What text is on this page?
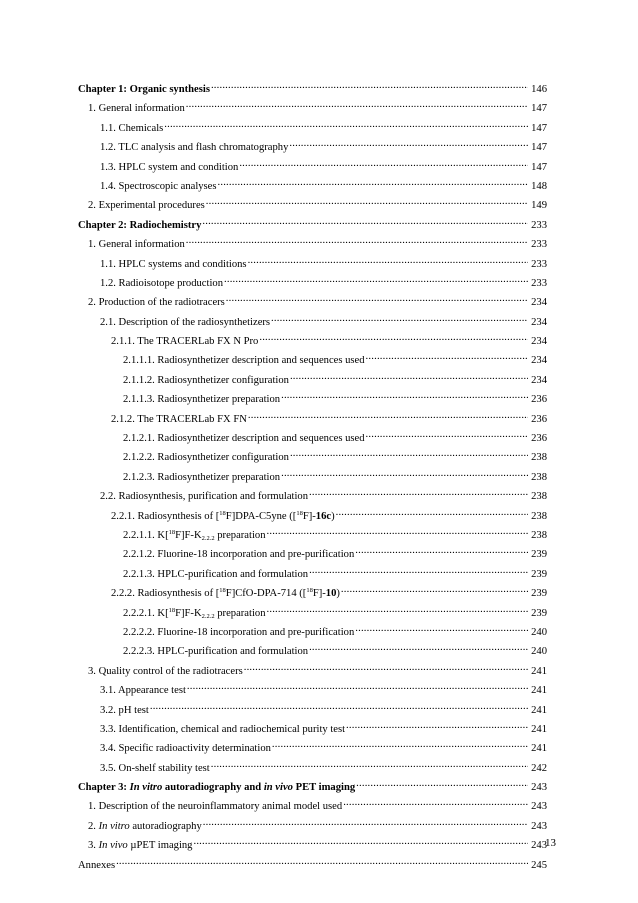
Chapter 1: Organic synthesis .....	146
1. General information .....	147
1.1. Chemicals .....	147
1.2. TLC analysis and flash chromatography .....	147
1.3. HPLC system and condition .....	147
1.4. Spectroscopic analyses .....	148
2. Experimental procedures .....	149
Chapter 2: Radiochemistry .....	233
1. General information .....	233
1.1. HPLC systems and conditions .....	233
1.2. Radioisotope production .....	233
2. Production of the radiotracers .....	234
2.1. Description of the radiosynthetizers .....	234
2.1.1. The TRACERLab FX N Pro .....	234
2.1.1.1. Radiosynthetizer description and sequences used .....	234
2.1.1.2. Radiosynthetizer configuration .....	234
2.1.1.3. Radiosynthetizer preparation .....	236
2.1.2. The TRACERLab FX FN .....	236
2.1.2.1. Radiosynthetizer description and sequences used .....	236
2.1.2.2. Radiosynthetizer configuration .....	238
2.1.2.3. Radiosynthetizer preparation .....	238
2.2. Radiosynthesis, purification and formulation .....	238
2.2.1. Radiosynthesis of [$^{18}$F]DPA-C5yne ([$^{18}$F]-16c) .....	238
2.2.1.1. $K[^{18}F]F-K_{2.2.2}$ preparation .....	238
2.2.1.2. Fluorine-18 incorporation and pre-purification .....	239
2.2.1.3. HPLC-purification and formulation .....	239
2.2.2. Radiosynthesis of [$^{18}$F]CfO-DPA-714 ([$^{18}$F]-10) .....	239
2.2.2.1. $K[^{18}F]F-K_{2.2.2}$ preparation .....	239
2.2.2.2. Fluorine-18 incorporation and pre-purification .....	240
2.2.2.3. HPLC-purification and formulation .....	240
3. Quality control of the radiotracers .....	241
3.1. Appearance test .....	241
3.2. pH test .....	241
3.3. Identification, chemical and radiochemical purity test .....	241
3.4. Specific radioactivity determination .....	241
3.5. On-shelf stability test .....	242
Chapter 3: In vitro autoradiography and in vivo PET imaging .....	243
1. Description of the neuroinflammatory animal model used .....	243
2. In vitro autoradiography .....	243
3. In vivo µPET imaging .....	243
Annexes .....	245
13
